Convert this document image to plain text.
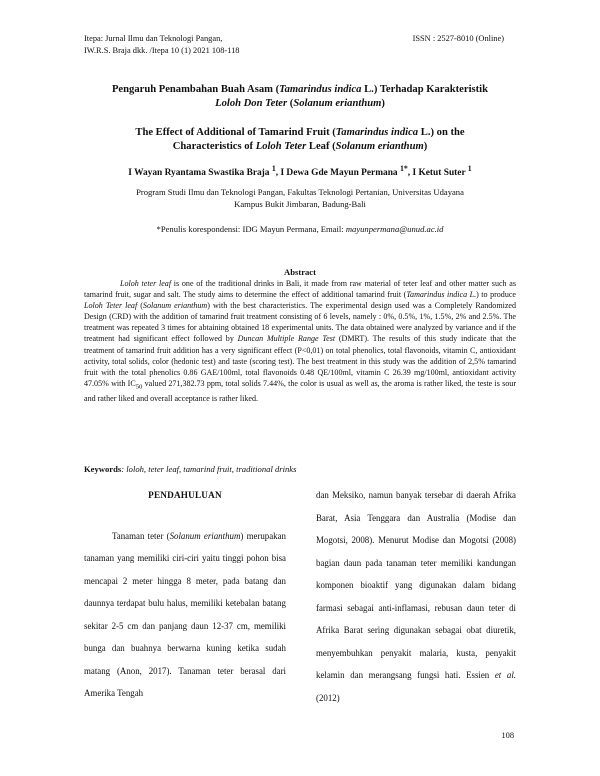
Itepa: Jurnal Ilmu dan Teknologi Pangan,
IW.R.S. Braja dkk. /Itepa 10 (1) 2021 108-118
ISSN : 2527-8010 (Online)
Pengaruh Penambahan Buah Asam (Tamarindus indica L.) Terhadap Karakteristik
Loloh Don Teter (Solanum erianthum)
The Effect of Additional of Tamarind Fruit (Tamarindus indica L.) on the
Characteristics of Loloh Teter Leaf (Solanum erianthum)
I Wayan Ryantama Swastika Braja $^1$, I Dewa Gde Mayun Permana $^{1*}$, I Ketut Suter $^1$
Program Studi Ilmu dan Teknologi Pangan, Fakultas Teknologi Pertanian, Universitas Udayana
Kampus Bukit Jimbaran, Badung-Bali
*Penulis korespondensi: IDG Mayun Permana, Email: mayunpermana@unud.ac.id
Abstract

Loloh teter leaf is one of the traditional drinks in Bali, it made from raw material of teter leaf and other matter such as tamarind fruit, sugar and salt. The study aims to determine the effect of additional tamarind fruit (Tamarindus indica L.) to produce Loloh Teter leaf (Solanum erianthum) with the best characteristics. The experimental design used was a Completely Randomized Design (CRD) with the addition of tamarind fruit treatment consisting of 6 levels, namely : 0%, 0.5%, 1%, 1.5%, 2% and 2.5%. The treatment was repeated 3 times for abtaining obtained 18 experimental units. The data obtained were analyzed by variance and if the treatment had significant effect followed by Duncan Multiple Range Test (DMRT). The results of this study indicate that the treatment of tamarind fruit addition has a very significant effect (P<0,01) on total phenolics, total flavonoids, vitamin C, antioxidant activity, total solids, color (hedonic test) and taste (scoring test). The best treatment in this study was the addition of 2,5% tamarind fruit with the total phenolics 0.86 GAE/100ml, total flavonoids 0.48 QE/100ml, vitamin C 26.39 mg/100ml, antioxidant activity 47.05% with $IC_{50}$ valued 271,382.73 ppm, total solids 7.44%, the color is usual as well as, the aroma is rather liked, the teste is sour and rather liked and overall acceptance is rather liked.

Keywords: loloh, teter leaf, tamarind fruit, traditional drinks

PENDAHULUAN

Tanaman teter (Solanum erianthum) merupakan tanaman yang memiliki ciri-ciri yaitu tinggi pohon bisa mencapai 2 meter hingga 8 meter, pada batang dan daunnya terdapat bulu halus, memiliki ketebalan batang sekitar 2-5 cm dan panjang daun 12-37 cm, memiliki bunga dan buahnya berwarna kuning ketika sudah matang (Anon, 2017). Tanaman teter berasal dari Amerika Tengah

dan Meksiko, namun banyak tersebar di daerah Afrika Barat, Asia Tenggara dan Australia (Modise dan Mogotsi, 2008). Menurut Modise dan Mogotsi (2008) bagian daun pada tanaman teter memiliki kandungan komponen bioaktif yang digunakan dalam bidang farmasi sebagai anti-inflamasi, rebusan daun teter di Afrika Barat sering digunakan sebagai obat diuretik, menyembuhkan penyakit malaria, kusta, penyakit kelamin dan merangsang fungsi hati. Essien et al. (2012)

108
